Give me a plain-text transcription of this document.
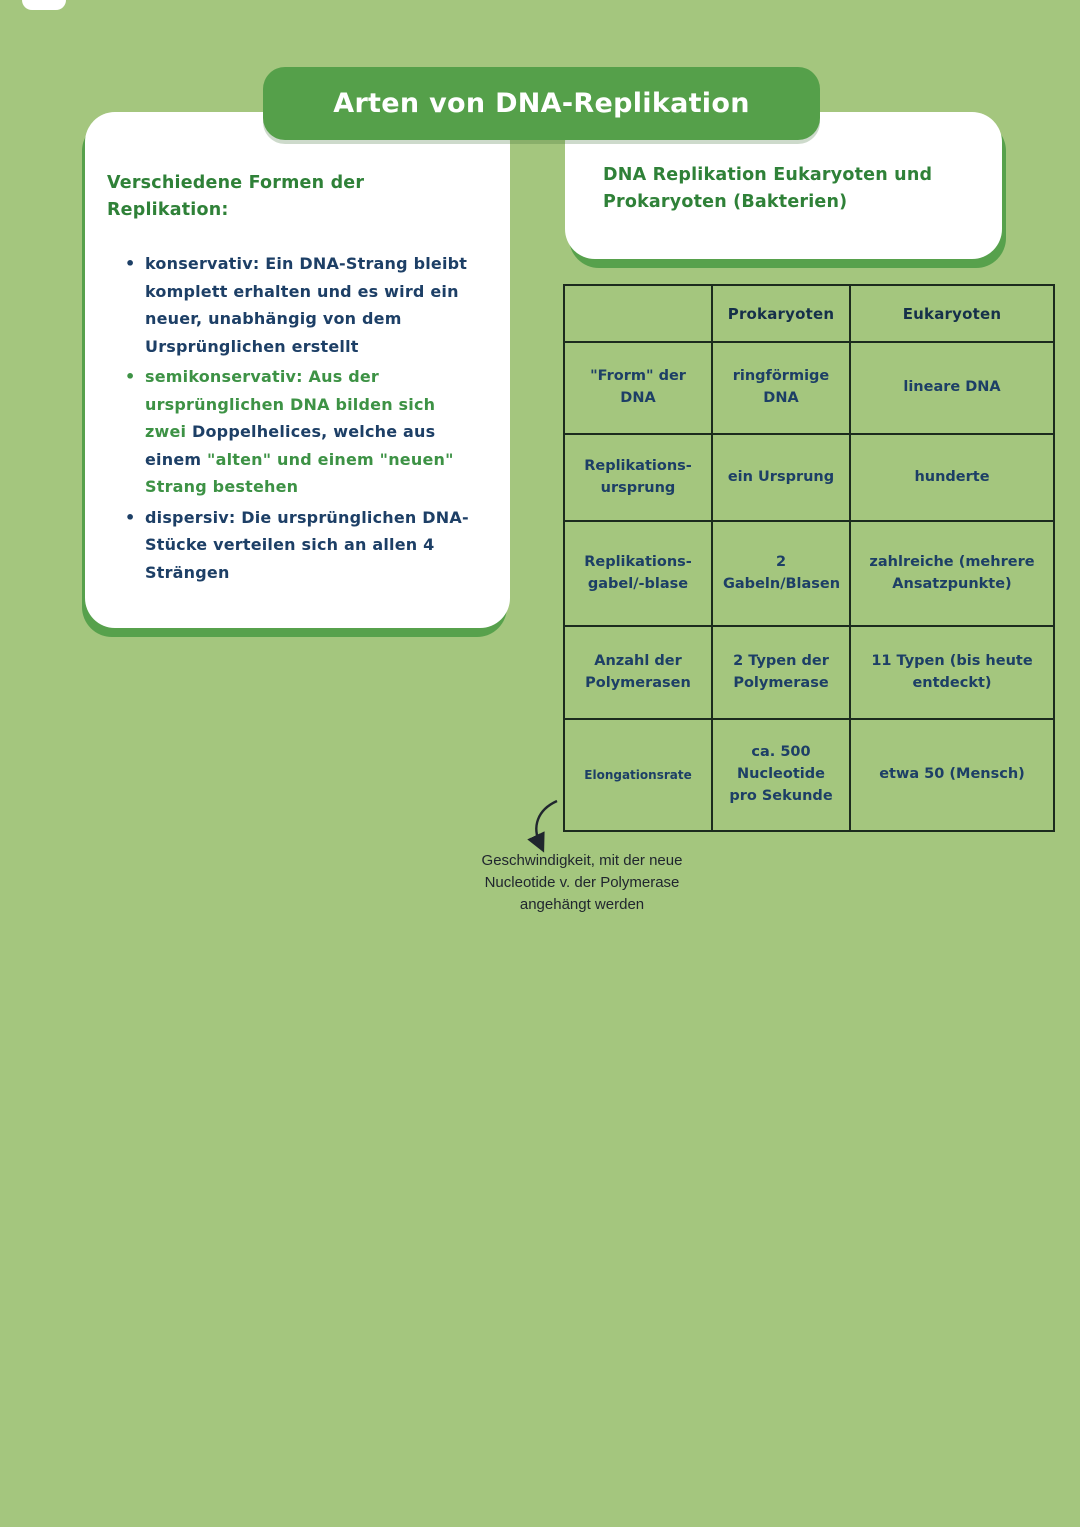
Arten von DNA-Replikation
Verschiedene Formen der Replikation:
• konservativ: Ein DNA-Strang bleibt komplett erhalten und es wird ein neuer, unabhängig von dem Ursprünglichen erstellt
• semikonservativ: Aus der ursprünglichen DNA bilden sich zwei Doppelhelices, welche aus einem "alten" und einem "neuen" Strang bestehen
• dispersiv: Die ursprünglichen DNA-Stücke verteilen sich an allen 4 Strängen
DNA Replikation Eukaryoten und Prokaryoten (Bakterien)
	Prokaryoten	Eukaryoten
"Frorm" der DNA	ringförmige DNA	lineare DNA
Replikations-ursprung	ein Ursprung	hunderte
Replikations-gabel/-blase	2 Gabeln/Blasen	zahlreiche (mehrere Ansatzpunkte)
Anzahl der Polymerasen	2 Typen der Polymerase	11 Typen (bis heute entdeckt)
Elongationsrate	ca. 500 Nucleotide pro Sekunde	etwa 50 (Mensch)
Geschwindigkeit, mit der neue Nucleotide v. der Polymerase angehängt werden
